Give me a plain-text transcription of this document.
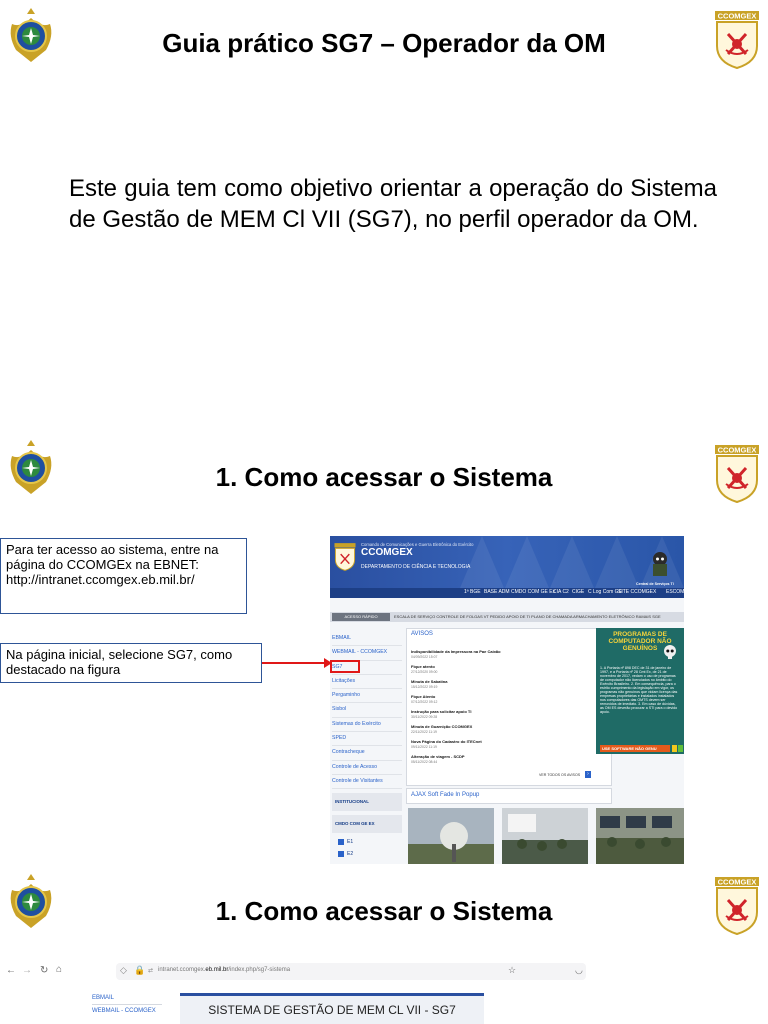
Guia prático SG7 – Operador da OM
CCOMGEX
Este guia tem como objetivo orientar a operação do Sistema de Gestão de MEM Cl VII (SG7), no perfil operador da OM.
1. Como acessar o Sistema
CCOMGEX
Para ter acesso ao sistema, entre na página do CCOMGEx na EBNET: http://intranet.ccomgex.eb.mil.br/
Na página inicial, selecione SG7, como destacado na figura
Comando de Comunicações e Guerra Eletrônica do Exército
CCOMGEX
DEPARTAMENTO DE CIÊNCIA E TECNOLOGIA
Central de Serviços TI
1ª BGE BASE ADM CMDO COM GE Ex
CIA C2 CIGE C Log Com GE
SITE CCOMGEX ESCOM
ACESSO RÁPIDO	ESCALA DE SERVIÇO CONTROLE DE FOLGAS VT PEDIDO APOIO DE TI PLANO DE CHAMADA ARMACHAMENTO ELETRÔNICO RAMAIS SGE
EBMAIL
WEBMAIL - CCOMGEX
SG7
Licitações
Pergaminho
Sisbol
Sistemas do Exército
SPED
Contracheque
Controle de Acesso
Controle de Visitantes
INSTITUCIONAL
CMDO COM GE EX
E1
E2
AVISOS
Indisponibilidade da Impressora na Pae Caixão
04/09/2022 15:07
Fique atento
27/12/2020 09:00
Minuta de Sabatina
15/12/2022 09:19
Fique Atento
07/12/2022 09:12
Instrução para solicitar apoio TI
30/11/2022 09:28
Minuta de Guarnição CCOMGEX
22/11/2022 11:19
Nova Página do Cadastro do ITECnet
09/11/2022 11:19
Alteração de viagem - SCDP
05/11/2022 08:44
VER TODOS OS AVISOS	›
PROGRAMAS DE COMPUTADOR NÃO GENUÍNOS
1. A Portaria nº 898 DEC de 31 de janeiro de 1997, e a Portaria nº 28 Cmt Ex, de 21 de novembro de 2017, vedam o uso de programas de computador não licenciados no âmbito do Exército Brasileiro. 2. Em consequência, para o estrito cumprimento da legislação em vigor, os programas não genuínos que violam licença das empresas proprietárias e instalados instalados nos computadores das OMTS devem ser removidos de imediato. 3. Em caso de dúvidas, as OM ES deverão procurar a STI para o devido apoio.
USE SOFTWARE NÃO GENU
AJAX Soft Fade In Popup
1. Como acessar o Sistema
CCOMGEX
← → ↻ ⌂	◇ 🔒 ⇄ intranet.ccomgex.eb.mil.br/index.php/sg7-sistema	☆	◡
EBMAIL
WEBMAIL - CCOMGEX	SISTEMA DE GESTÃO DE MEM CL VII - SG7
